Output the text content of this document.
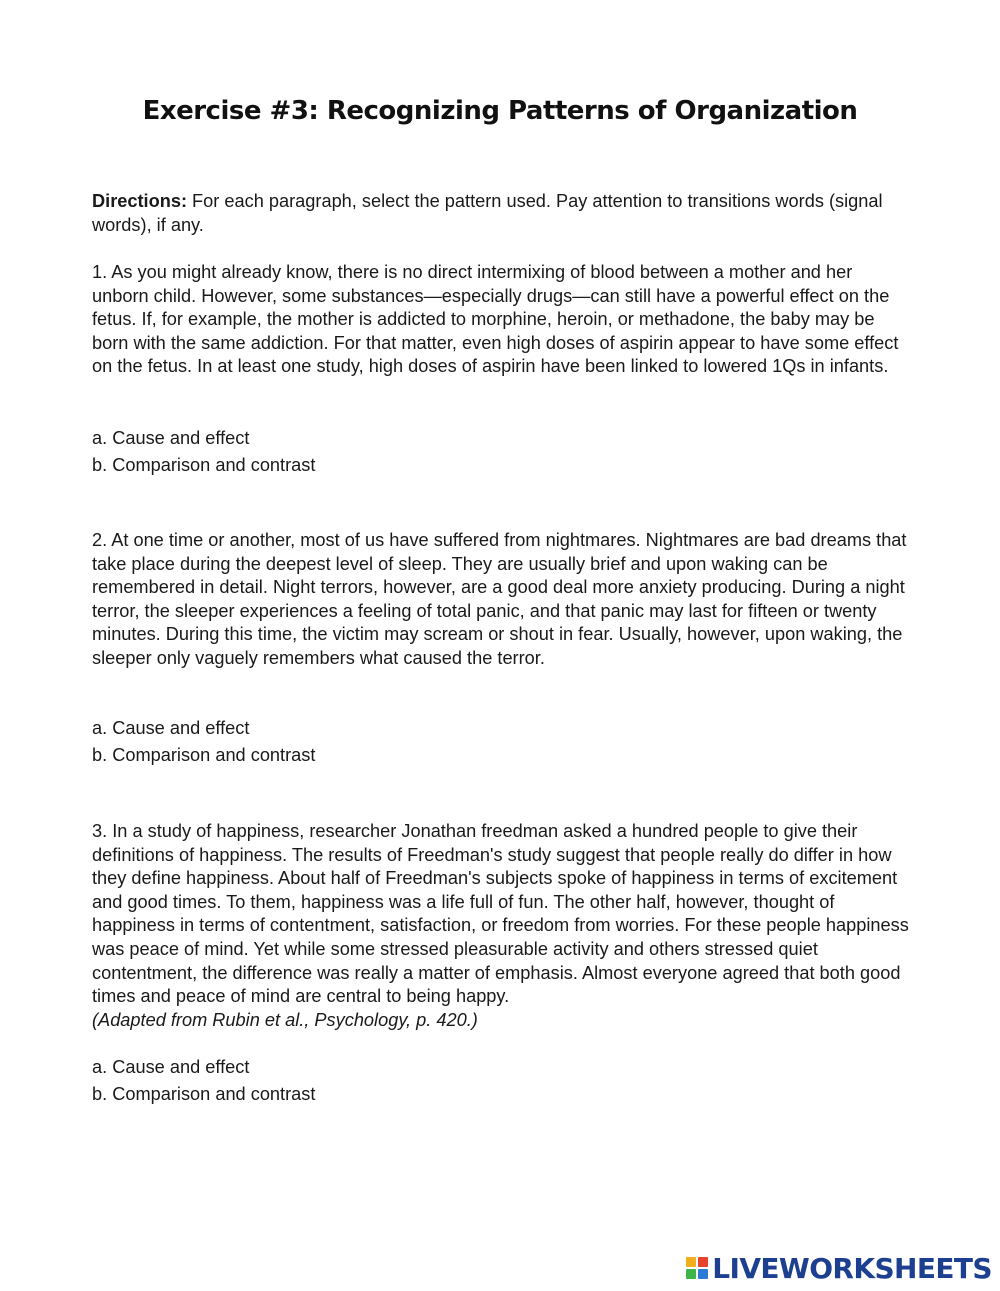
Exercise #3: Recognizing Patterns of Organization

Directions: For each paragraph, select the pattern used. Pay attention to transitions words (signal words), if any.

1. As you might already know, there is no direct intermixing of blood between a mother and her unborn child. However, some substances—especially drugs—can still have a powerful effect on the fetus. If, for example, the mother is addicted to morphine, heroin, or methadone, the baby may be born with the same addiction. For that matter, even high doses of aspirin appear to have some effect on the fetus. In at least one study, high doses of aspirin have been linked to lowered 1Qs in infants.

a. Cause and effect
b. Comparison and contrast

2. At one time or another, most of us have suffered from nightmares. Nightmares are bad dreams that take place during the deepest level of sleep. They are usually brief and upon waking can be remembered in detail. Night terrors, however, are a good deal more anxiety producing. During a night terror, the sleeper experiences a feeling of total panic, and that panic may last for fifteen or twenty minutes. During this time, the victim may scream or shout in fear. Usually, however, upon waking, the sleeper only vaguely remembers what caused the terror.

a. Cause and effect
b. Comparison and contrast

3. In a study of happiness, researcher Jonathan freedman asked a hundred people to give their definitions of happiness. The results of Freedman's study suggest that people really do differ in how they define happiness. About half of Freedman's subjects spoke of happiness in terms of excitement and good times. To them, happiness was a life full of fun. The other half, however, thought of happiness in terms of contentment, satisfaction, or freedom from worries. For these people happiness was peace of mind. Yet while some stressed pleasurable activity and others stressed quiet contentment, the difference was really a matter of emphasis. Almost everyone agreed that both good times and peace of mind are central to being happy.
(Adapted from Rubin et al., Psychology, p. 420.)

a. Cause and effect
b. Comparison and contrast
LIVEWORKSHEETS
